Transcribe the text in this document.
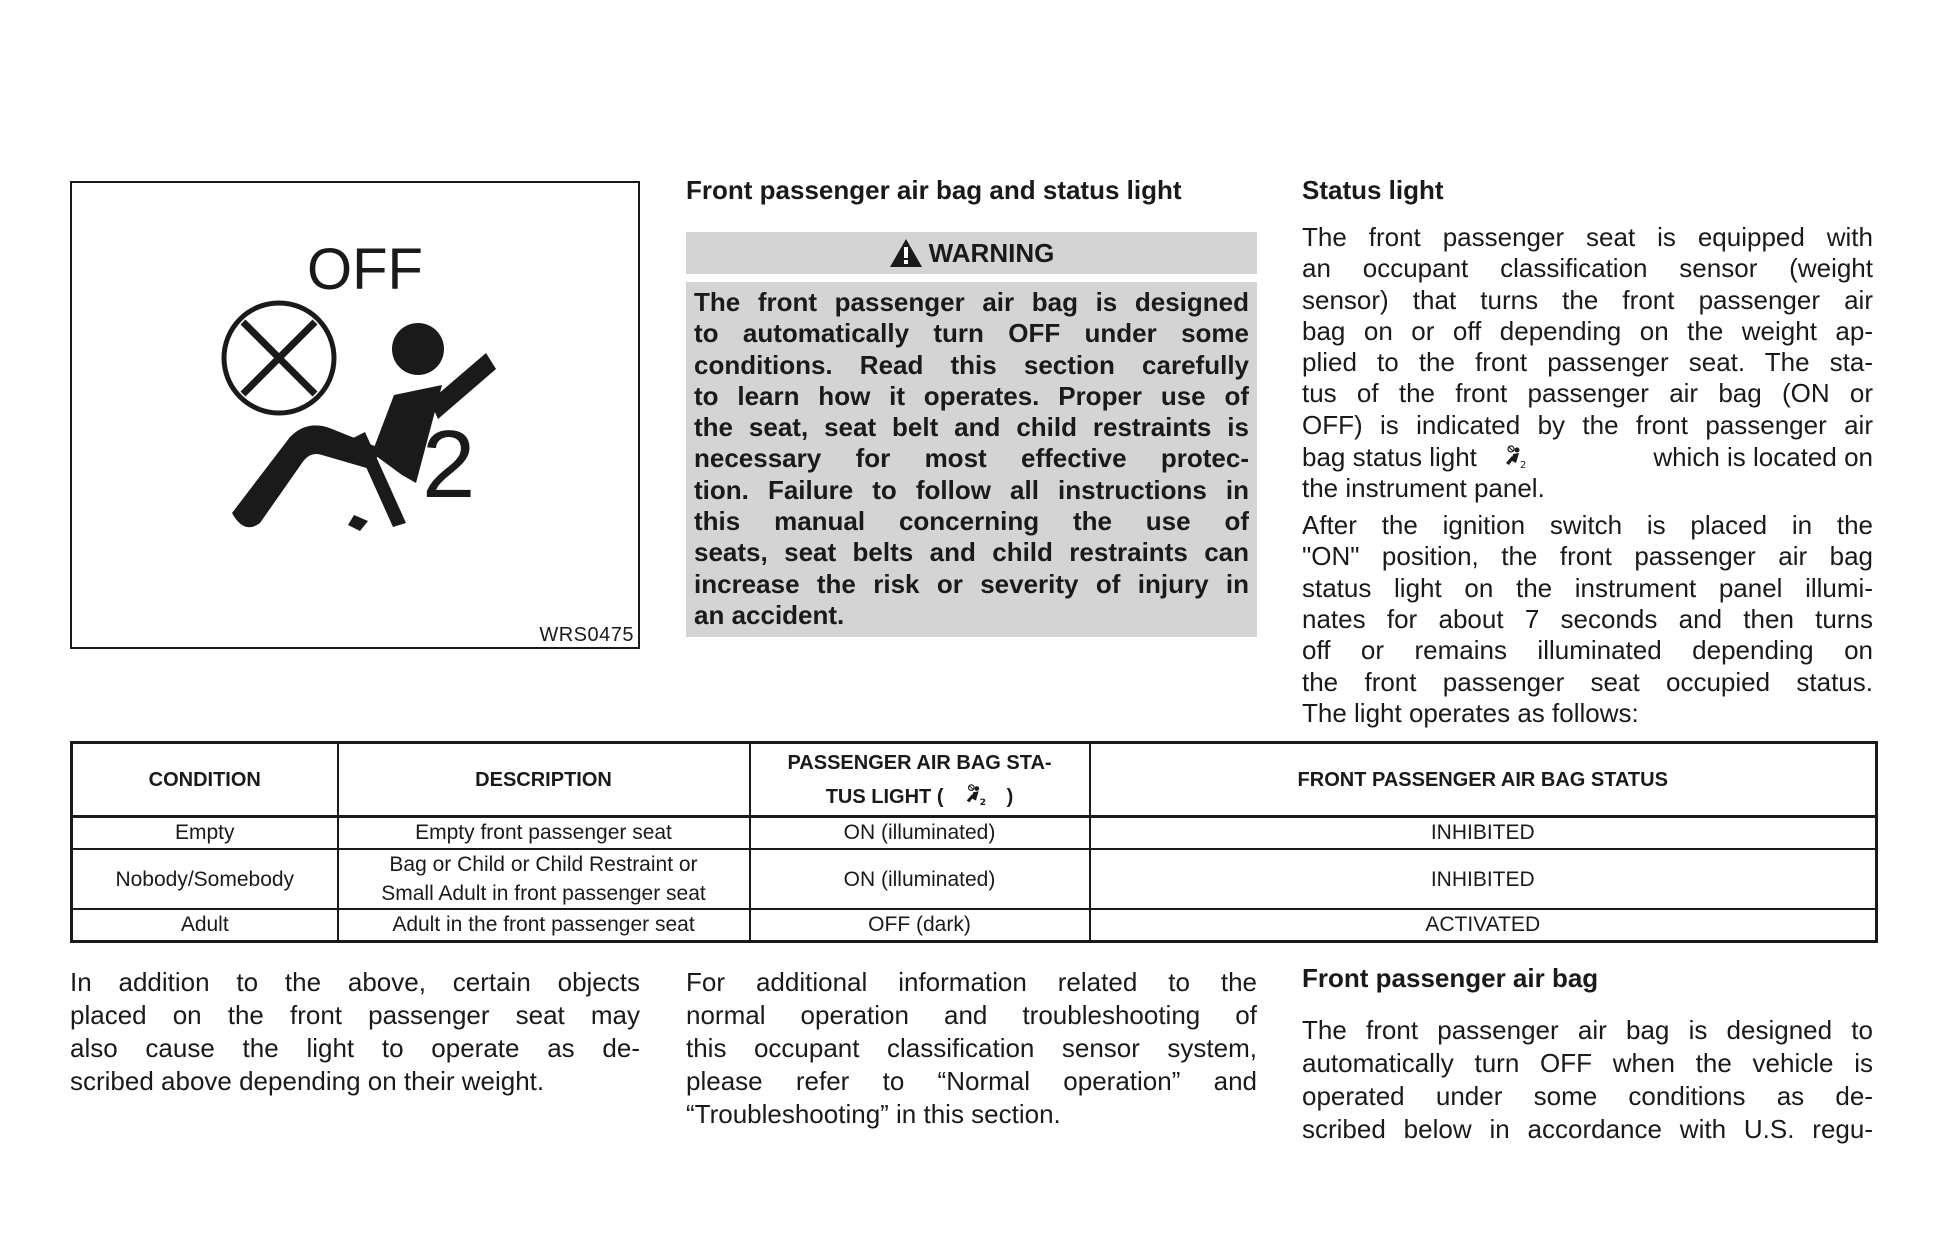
OFF
2
WRS0475
Front passenger air bag and status light
WARNING
The front passenger air bag is designed
to automatically turn OFF under some
conditions. Read this section carefully
to learn how it operates. Proper use of
the seat, seat belt and child restraints is
necessary for most effective protec-
tion. Failure to follow all instructions in
this manual concerning the use of
seats, seat belts and child restraints can
increase the risk or severity of injury in
an accident.
Status light
The front passenger seat is equipped with
an occupant classification sensor (weight
sensor) that turns the front passenger air
bag on or off depending on the weight ap-
plied to the front passenger seat. The sta-
tus of the front passenger air bag (ON or
OFF) is indicated by the front passenger air
bag status light	2	which is located on
the instrument panel.
After the ignition switch is placed in the
"ON" position, the front passenger air bag
status light on the instrument panel illumi-
nates for about 7 seconds and then turns
off or remains illuminated depending on
the front passenger seat occupied status.
The light operates as follows:
CONDITION	DESCRIPTION	PASSENGER AIR BAG STA-
TUS LIGHT ( 2 )	FRONT PASSENGER AIR BAG STATUS
Empty	Empty front passenger seat	ON (illuminated)	INHIBITED
Nobody/Somebody	Bag or Child or Child Restraint or
Small Adult in front passenger seat	ON (illuminated)	INHIBITED
Adult	Adult in the front passenger seat	OFF (dark)	ACTIVATED
In addition to the above, certain objects
placed on the front passenger seat may
also cause the light to operate as de-
scribed above depending on their weight.
For additional information related to the
normal operation and troubleshooting of
this occupant classification sensor system,
please refer to “Normal operation” and
“Troubleshooting” in this section.
Front passenger air bag
The front passenger air bag is designed to
automatically turn OFF when the vehicle is
operated under some conditions as de-
scribed below in accordance with U.S. regu-
